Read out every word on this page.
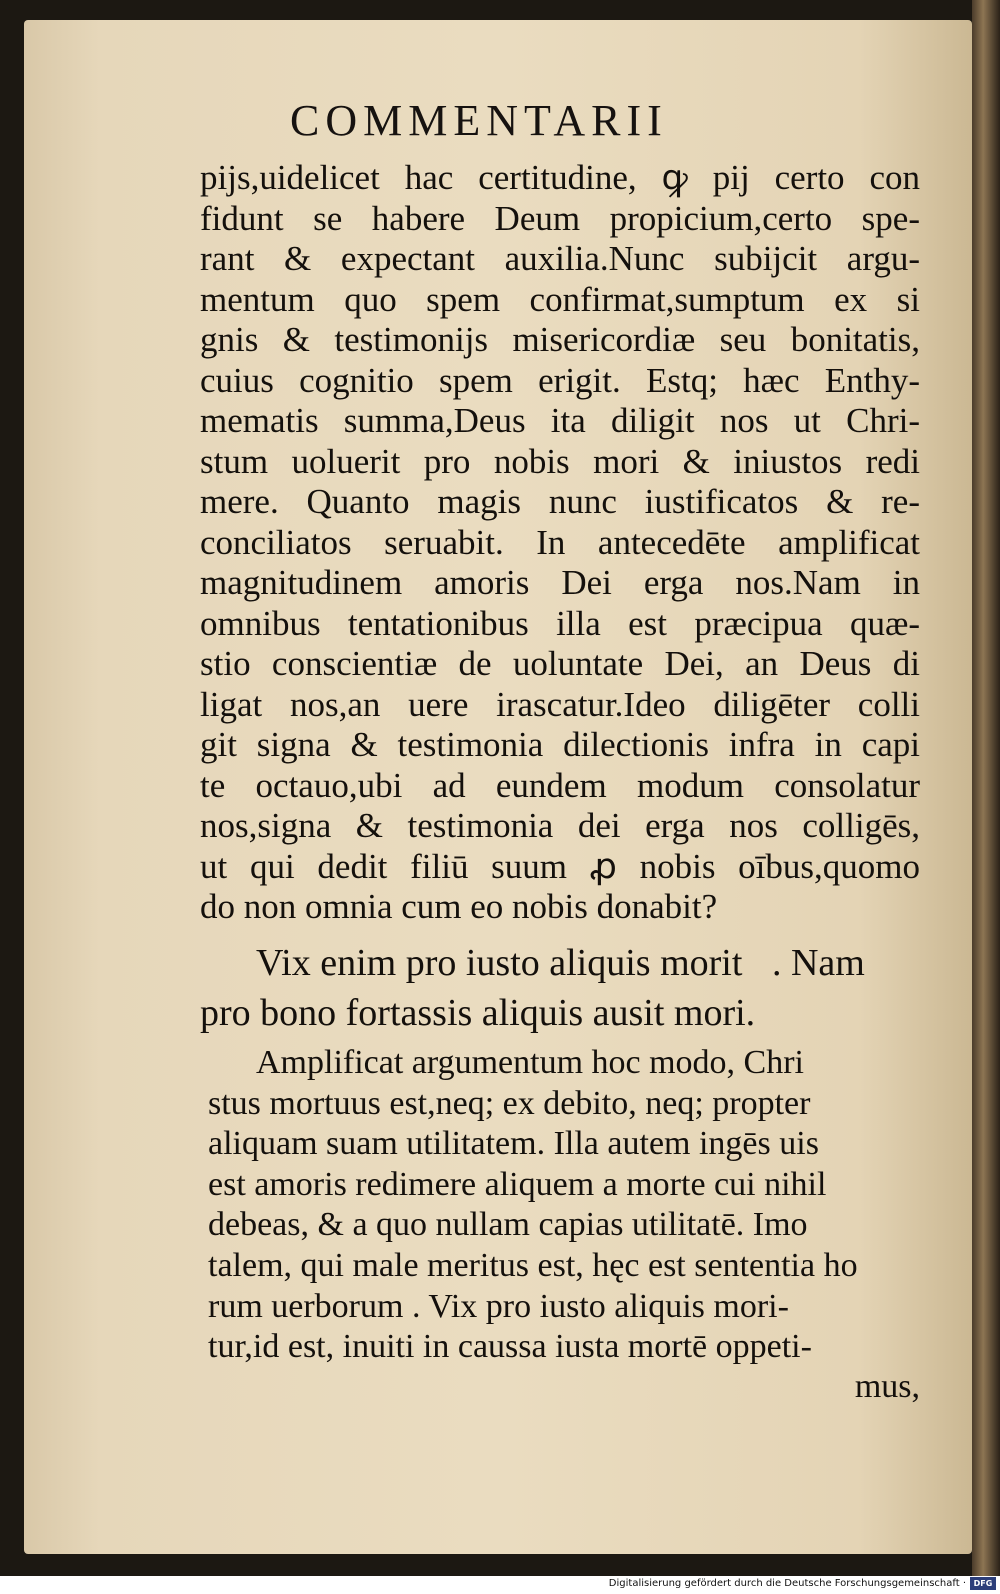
COMMENTARII
pijs,uidelicet hac certitudine, ꝙ pij certo con
fidunt se habere Deum propicium,certo spe-
rant & expectant auxilia.Nunc subijcit argu-
mentum quo spem confirmat,sumptum ex si
gnis & testimonijs misericordiæ seu bonitatis,
cuius cognitio spem erigit. Estq; hæc Enthy-
mematis summa,Deus ita diligit nos ut Chri-
stum uoluerit pro nobis mori & iniustos redi
mere. Quanto magis nunc iustificatos & re-
conciliatos seruabit. In antecedēte amplificat
magnitudinem amoris Dei erga nos.Nam in
omnibus tentationibus illa est præcipua quæ-
stio conscientiæ de uoluntate Dei, an Deus di
ligat nos,an uere irascatur.Ideo diligēter colli
git signa & testimonia dilectionis infra in capi
te octauo,ubi ad eundem modum consolatur
nos,signa & testimonia dei erga nos colligēs,
ut qui dedit filiū suum ꝓ nobis oībus,quomo
do non omnia cum eo nobis donabit?
Vix enim pro iusto aliquis morit᷑. Nam
pro bono fortassis aliquis ausit mori.
Amplificat argumentum hoc modo, Chri
stus mortuus est,neq; ex debito, neq; propter
aliquam suam utilitatem. Illa autem ingēs uis
est amoris redimere aliquem a morte cui nihil
debeas, & a quo nullam capias utilitatē. Imo
talem, qui male meritus est, hęc est sententia ho
rum uerborum . Vix pro iusto aliquis mori-
tur,id est, inuiti in caussa iusta mortē oppeti-
mus,
Digitalisierung gefördert durch die Deutsche Forschungsgemeinschaft · DFG
